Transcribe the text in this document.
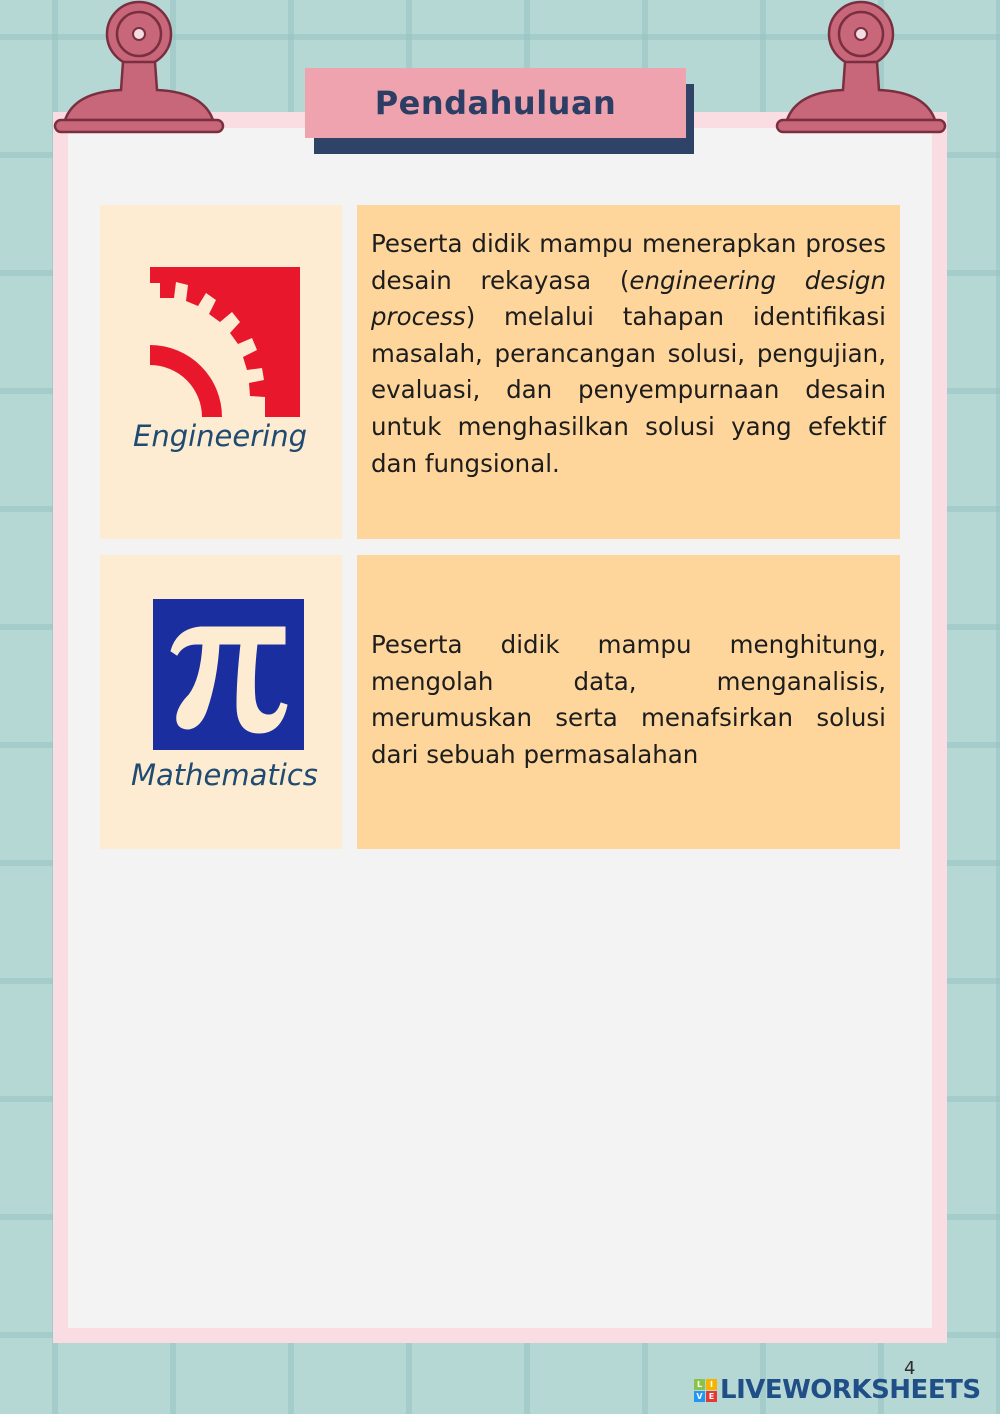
Pendahuluan
Engineering

Peserta didik mampu menerapkan proses desain rekayasa (engineering design process) melalui tahapan identifikasi masalah, perancangan solusi, pengujian, evaluasi, dan penyempurnaan desain untuk menghasilkan solusi yang efektif dan fungsional.

Mathematics

Peserta didik mampu menghitung, mengolah data, menganalisis, merumuskan serta menafsirkan solusi dari sebuah permasalahan

4
L I
V E LIVEWORKSHEETS
